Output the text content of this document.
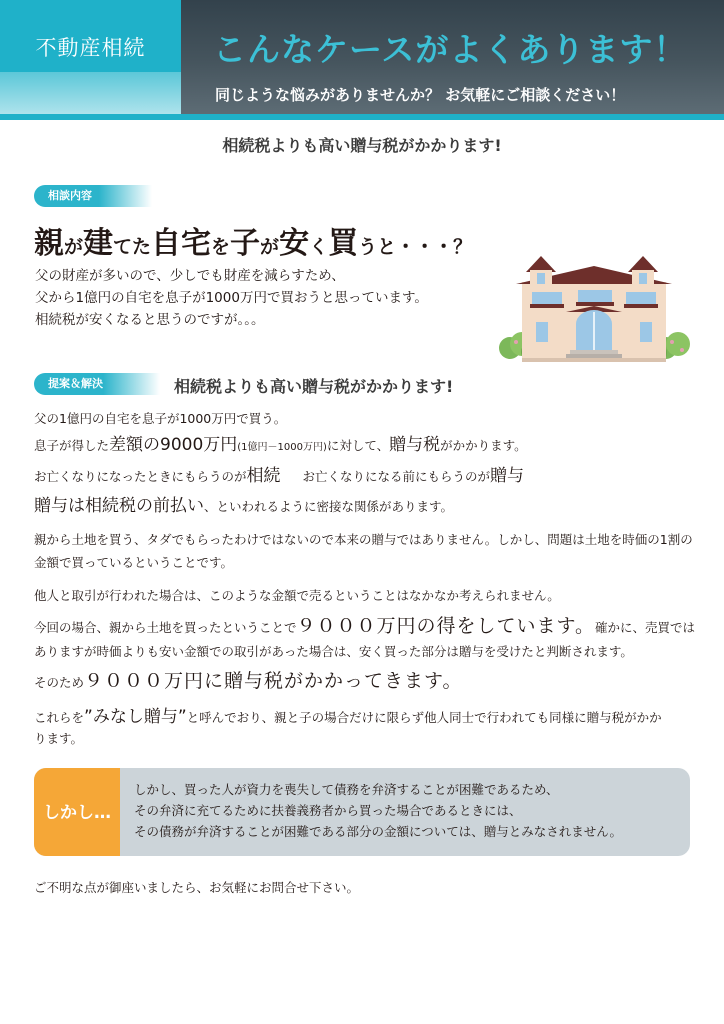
不動産相続	こんなケースがよくあります！
同じような悩みがありませんか？ お気軽にご相談ください！
相続税よりも高い贈与税がかかります!
相談内容
親が建てた自宅を子が安く買うと・・・？
父の財産が多いので、少しでも財産を減らすため、
父から1億円の自宅を息子が1000万円で買おうと思っています。
相続税が安くなると思うのですが。。。
提案＆解決	相続税よりも高い贈与税がかかります!
父の1億円の自宅を息子が1000万円で買う。
息子が得した差額の9000万円(1億円－1000万円)に対して、贈与税がかかります。
お亡くなりになったときにもらうのが相続 お亡くなりになる前にもらうのが贈与
贈与は相続税の前払い、といわれるように密接な関係があります。
親から土地を買う、タダでもらったわけではないので本来の贈与ではありません。しかし、問題は土地を時価の1割の
金額で買っているということです。
他人と取引が行われた場合は、このような金額で売るということはなかなか考えられません。
今回の場合、親から土地を買ったということで９０００万円の得をしています。確かに、売買では
ありますが時価よりも安い金額での取引があった場合は、安く買った部分は贈与を受けたと判断されます。
そのため９０００万円に贈与税がかかってきます。
これらを”みなし贈与”と呼んでおり、親と子の場合だけに限らず他人同士で行われても同様に贈与税がかか
ります。
しかし…
しかし、買った人が資力を喪失して債務を弁済することが困難であるため、
その弁済に充てるために扶養義務者から買った場合であるときには、
その債務が弁済することが困難である部分の金額については、贈与とみなされません。
ご不明な点が御座いましたら、お気軽にお問合せ下さい。
